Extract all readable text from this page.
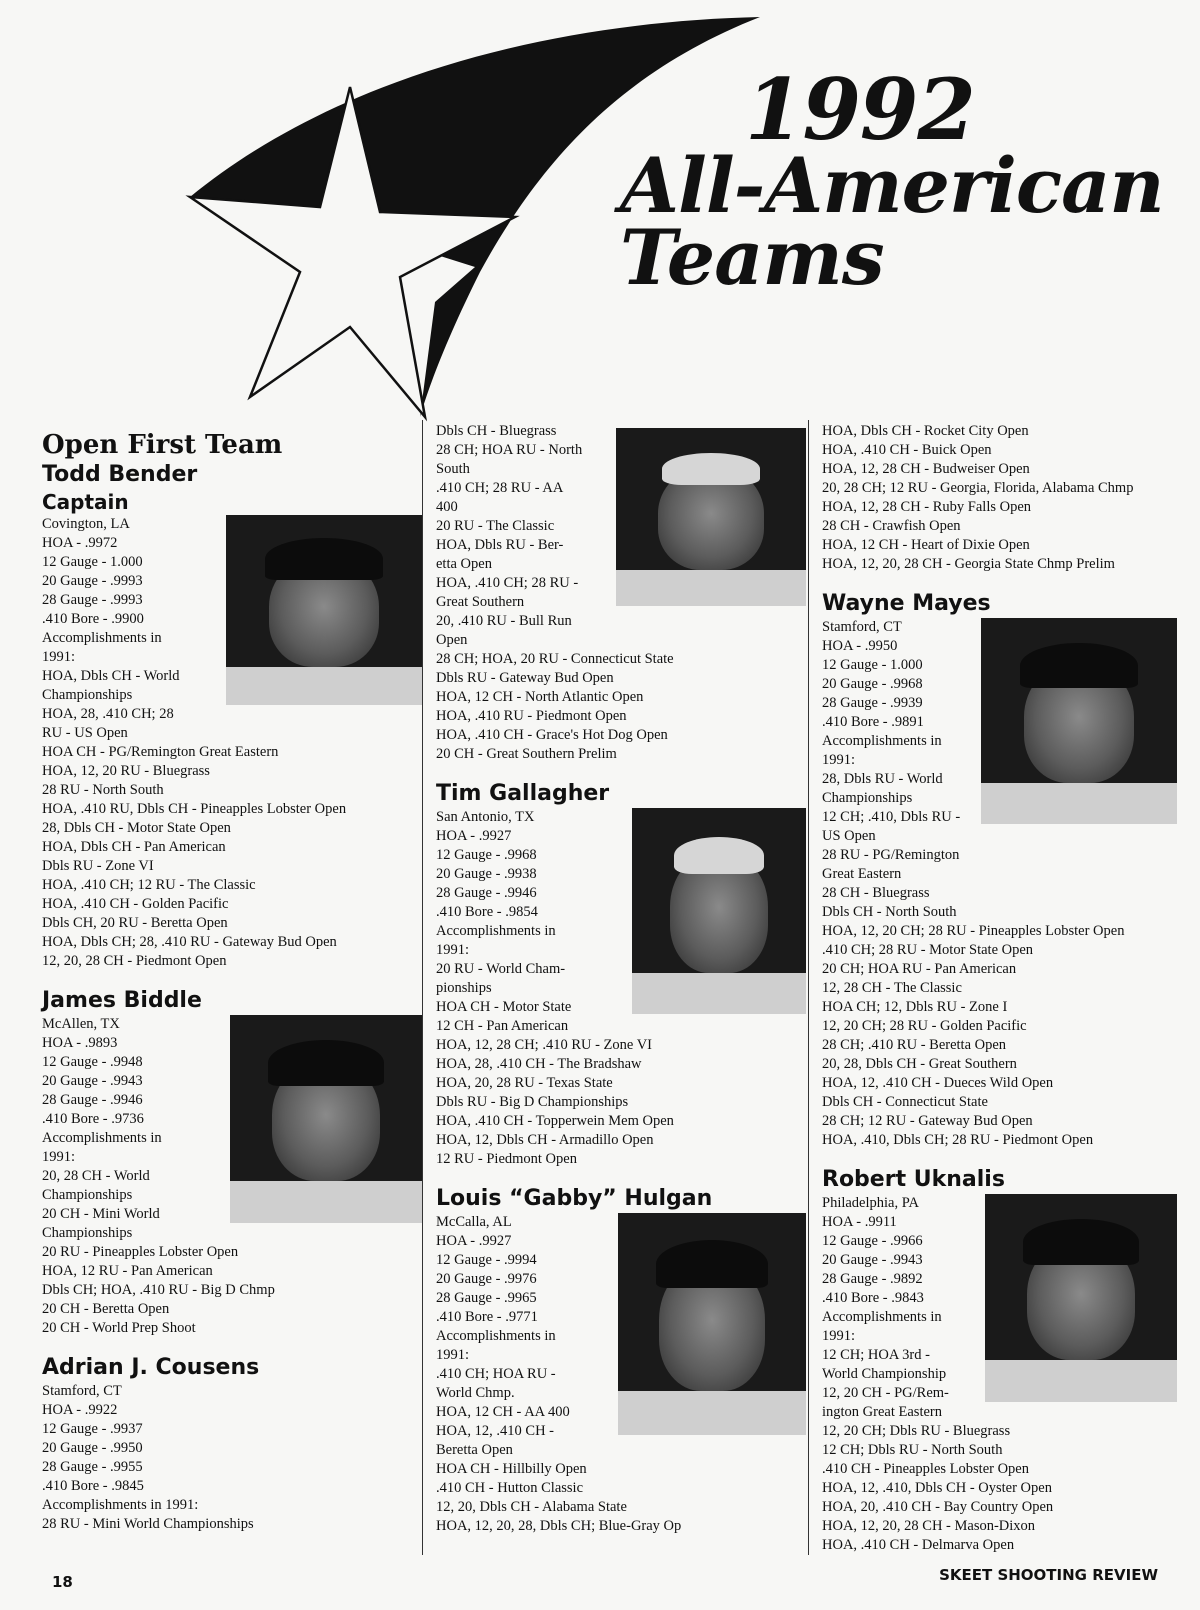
1992
All-American
Teams
Open First Team
Todd Bender
Captain
Covington, LA
HOA - .9972
12 Gauge - 1.000
20 Gauge - .9993
28 Gauge - .9993
.410 Bore - .9900
Accomplishments in
1991:
HOA, Dbls CH - World
Championships
HOA, 28, .410 CH; 28
RU - US Open
HOA CH - PG/Remington Great Eastern
HOA, 12, 20 RU - Bluegrass
28 RU - North South
HOA, .410 RU, Dbls CH - Pineapples Lobster Open
28, Dbls CH - Motor State Open
HOA, Dbls CH - Pan American
Dbls RU - Zone VI
HOA, .410 CH; 12 RU - The Classic
HOA, .410 CH - Golden Pacific
Dbls CH, 20 RU - Beretta Open
HOA, Dbls CH; 28, .410 RU - Gateway Bud Open
12, 20, 28 CH - Piedmont Open
James Biddle
McAllen, TX
HOA - .9893
12 Gauge - .9948
20 Gauge - .9943
28 Gauge - .9946
.410 Bore - .9736
Accomplishments in
1991:
20, 28 CH - World
Championships
20 CH - Mini World
Championships
20 RU - Pineapples Lobster Open
HOA, 12 RU - Pan American
Dbls CH; HOA, .410 RU - Big D Chmp
20 CH - Beretta Open
20 CH - World Prep Shoot
Adrian J. Cousens
Stamford, CT
HOA - .9922
12 Gauge - .9937
20 Gauge - .9950
28 Gauge - .9955
.410 Bore - .9845
Accomplishments in 1991:
28 RU - Mini World Championships
Dbls CH - Bluegrass
28 CH; HOA RU - North
South
.410 CH; 28 RU - AA
400
20 RU - The Classic
HOA, Dbls RU - Ber-
etta Open
HOA, .410 CH; 28 RU -
Great Southern
20, .410 RU - Bull Run
Open
28 CH; HOA, 20 RU - Connecticut State
Dbls RU - Gateway Bud Open
HOA, 12 CH - North Atlantic Open
HOA, .410 RU - Piedmont Open
HOA, .410 CH - Grace's Hot Dog Open
20 CH - Great Southern Prelim
Tim Gallagher
San Antonio, TX
HOA - .9927
12 Gauge - .9968
20 Gauge - .9938
28 Gauge - .9946
.410 Bore - .9854
Accomplishments in
1991:
20 RU - World Cham-
pionships
HOA CH - Motor State
12 CH - Pan American
HOA, 12, 28 CH; .410 RU - Zone VI
HOA, 28, .410 CH - The Bradshaw
HOA, 20, 28 RU - Texas State
Dbls RU - Big D Championships
HOA, .410 CH - Topperwein Mem Open
HOA, 12, Dbls CH - Armadillo Open
12 RU - Piedmont Open
Louis “Gabby” Hulgan
McCalla, AL
HOA - .9927
12 Gauge - .9994
20 Gauge - .9976
28 Gauge - .9965
.410 Bore - .9771
Accomplishments in
1991:
.410 CH; HOA RU -
World Chmp.
HOA, 12 CH - AA 400
HOA, 12, .410 CH -
Beretta Open
HOA CH - Hillbilly Open
.410 CH - Hutton Classic
12, 20, Dbls CH - Alabama State
HOA, 12, 20, 28, Dbls CH; Blue-Gray Op
HOA, Dbls CH - Rocket City Open
HOA, .410 CH - Buick Open
HOA, 12, 28 CH - Budweiser Open
20, 28 CH; 12 RU - Georgia, Florida, Alabama Chmp
HOA, 12, 28 CH - Ruby Falls Open
28 CH - Crawfish Open
HOA, 12 CH - Heart of Dixie Open
HOA, 12, 20, 28 CH - Georgia State Chmp Prelim
Wayne Mayes
Stamford, CT
HOA - .9950
12 Gauge - 1.000
20 Gauge - .9968
28 Gauge - .9939
.410 Bore - .9891
Accomplishments in
1991:
28, Dbls RU - World
Championships
12 CH; .410, Dbls RU -
US Open
28 RU - PG/Remington
Great Eastern
28 CH - Bluegrass
Dbls CH - North South
HOA, 12, 20 CH; 28 RU - Pineapples Lobster Open
.410 CH; 28 RU - Motor State Open
20 CH; HOA RU - Pan American
12, 28 CH - The Classic
HOA CH; 12, Dbls RU - Zone I
12, 20 CH; 28 RU - Golden Pacific
28 CH; .410 RU - Beretta Open
20, 28, Dbls CH - Great Southern
HOA, 12, .410 CH - Dueces Wild Open
Dbls CH - Connecticut State
28 CH; 12 RU - Gateway Bud Open
HOA, .410, Dbls CH; 28 RU - Piedmont Open
Robert Uknalis
Philadelphia, PA
HOA - .9911
12 Gauge - .9966
20 Gauge - .9943
28 Gauge - .9892
.410 Bore - .9843
Accomplishments in
1991:
12 CH; HOA 3rd -
World Championship
12, 20 CH - PG/Rem-
ington Great Eastern
12, 20 CH; Dbls RU - Bluegrass
12 CH; Dbls RU - North South
.410 CH - Pineapples Lobster Open
HOA, 12, .410, Dbls CH - Oyster Open
HOA, 20, .410 CH - Bay Country Open
HOA, 12, 20, 28 CH - Mason-Dixon
HOA, .410 CH - Delmarva Open
18	SKEET SHOOTING REVIEW
